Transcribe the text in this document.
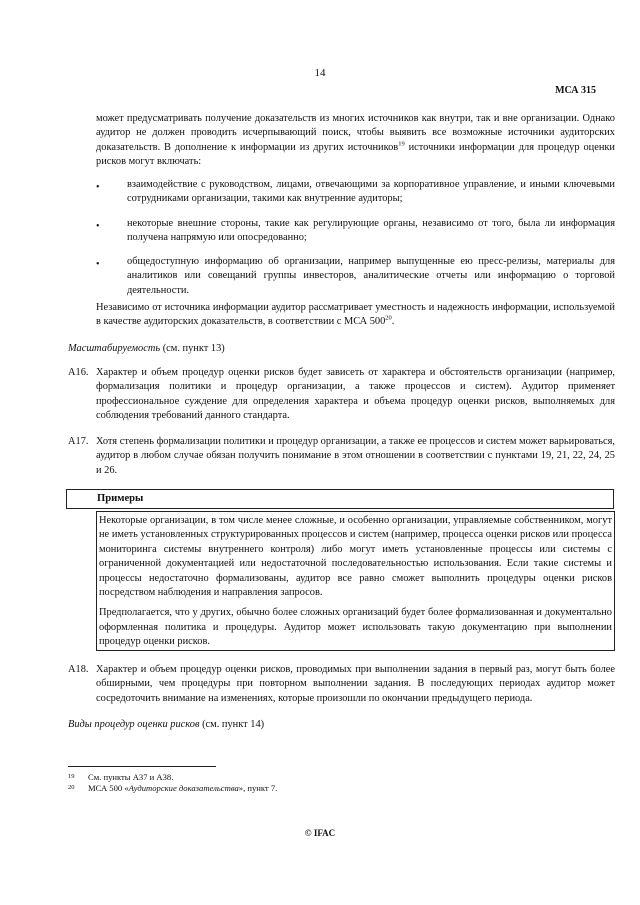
14
МСА 315

может предусматривать получение доказательств из многих источников как внутри, так и вне организации. Однако аудитор не должен проводить исчерпывающий поиск, чтобы выявить все возможные источники аудиторских доказательств. В дополнение к информации из других источников$^{19}$ источники информации для процедур оценки рисков могут включать:

•	взаимодействие с руководством, лицами, отвечающими за корпоративное управление, и иными ключевыми сотрудниками организации, такими как внутренние аудиторы;

•	некоторые внешние стороны, такие как регулирующие органы, независимо от того, была ли информация получена напрямую или опосредованно;

•	общедоступную информацию об организации, например выпущенные ею пресс-релизы, материалы для аналитиков или совещаний группы инвесторов, аналитические отчеты или информацию о торговой деятельности.

Независимо от источника информации аудитор рассматривает уместность и надежность информации, используемой в качестве аудиторских доказательств, в соответствии с МСА $500^{20}$.

Масштабируемость (см. пункт 13)

A16. Характер и объем процедур оценки рисков будет зависеть от характера и обстоятельств организации (например, формализация политики и процедур организации, а также процессов и систем). Аудитор применяет профессиональное суждение для определения характера и объема процедур оценки рисков, выполняемых для соблюдения требований данного стандарта.

A17. Хотя степень формализации политики и процедур организации, а также ее процессов и систем может варьироваться, аудитор в любом случае обязан получить понимание в этом отношении в соответствии с пунктами 19, 21, 22, 24, 25 и 26.

Примеры

Некоторые организации, в том числе менее сложные, и особенно организации, управляемые собственником, могут не иметь установленных структурированных процессов и систем (например, процесса оценки рисков или процесса мониторинга системы внутреннего контроля) либо могут иметь установленные процессы или системы с ограниченной документацией или недостаточной последовательностью использования. Если такие системы и процессы недостаточно формализованы, аудитор все равно сможет выполнить процедуры оценки рисков посредством наблюдения и направления запросов.

Предполагается, что у других, обычно более сложных организаций будет более формализованная и документально оформленная политика и процедуры. Аудитор может использовать такую документацию при выполнении процедур оценки рисков.

A18. Характер и объем процедур оценки рисков, проводимых при выполнении задания в первый раз, могут быть более обширными, чем процедуры при повторном выполнении задания. В последующих периодах аудитор может сосредоточить внимание на изменениях, которые произошли по окончании предыдущего периода.

Виды процедур оценки рисков (см. пункт 14)

19 См. пункты A37 и A38.

20 МСА 500 «Аудиторские доказательства», пункт 7.

© IFAC
